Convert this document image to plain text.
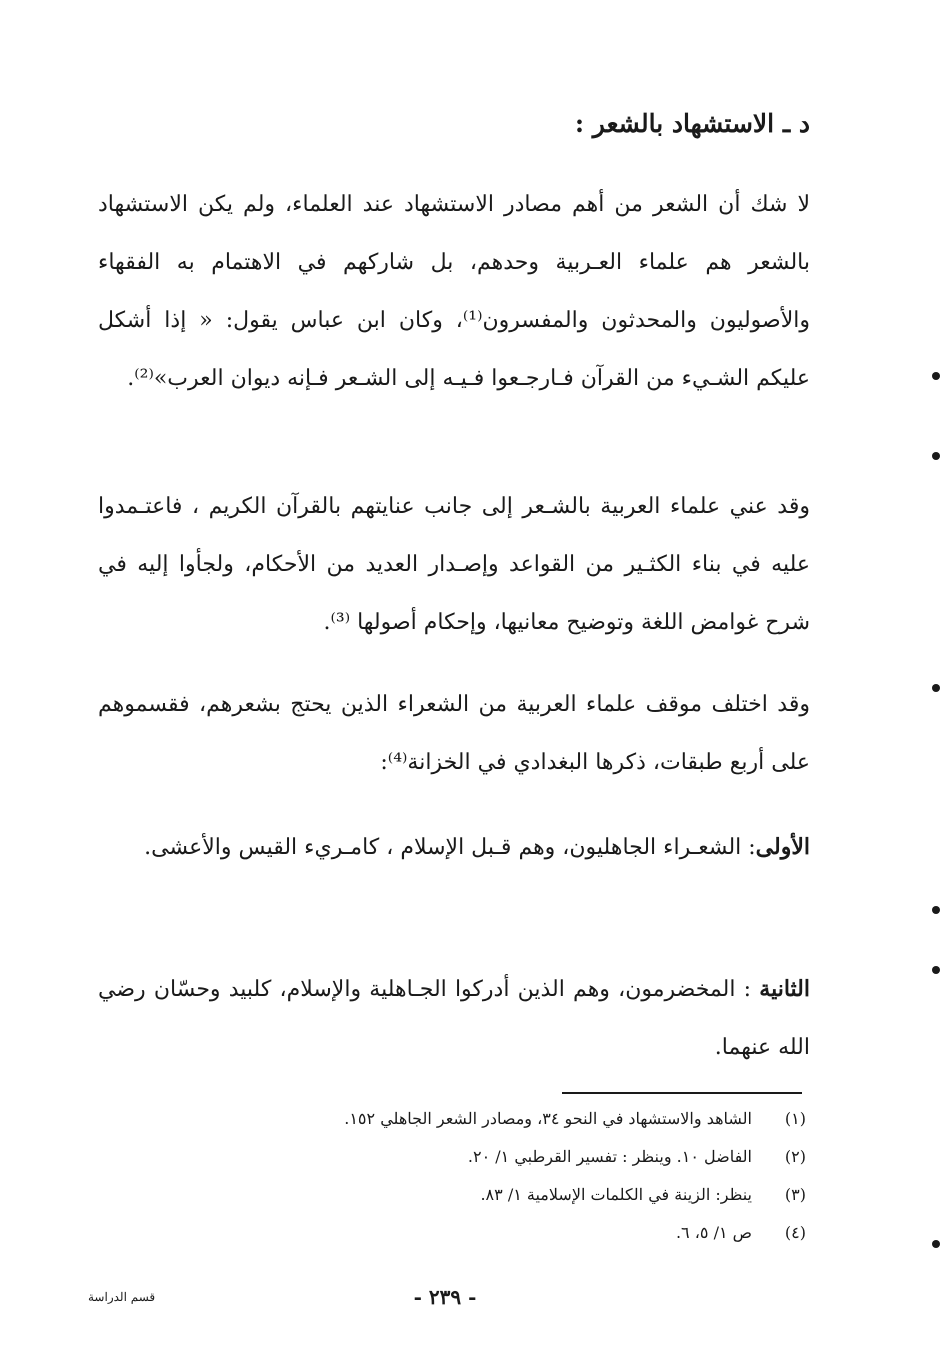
د ـ الاستشهاد بالشعر :
لا شك أن الشعر من أهم مصادر الاستشهاد عند العلماء، ولم يكن الاستشهاد بالشعر هم علماء العـربية وحدهم، بل شاركهم في الاهتمام به الفقهاء والأصوليون والمحدثون والمفسرون⁽¹⁾، وكان ابن عباس يقول: « إذا أشكل عليكم الشـيء من القرآن فـارجـعوا فـيـه إلى الشـعر فـإنه ديوان العرب»⁽²⁾.
وقد عني علماء العربية بالشـعر إلى جانب عنايتهم بالقرآن الكريم ، فاعتـمدوا عليه في بناء الكثـير من القواعد وإصـدار العديد من الأحكام، ولجأوا إليه في شرح غوامض اللغة وتوضيح معانيها، وإحكام أصولها ⁽³⁾.
وقد اختلف موقف علماء العربية من الشعراء الذين يحتج بشعرهم، فقسموهم على أربع طبقات، ذكرها البغدادي في الخزانة⁽⁴⁾:
الأولى: الشعـراء الجاهليون، وهم قـبل الإسلام ، كامـريء القيس والأعشى.
الثانية : المخضرمون، وهم الذين أدركوا الجـاهلية والإسلام، كلبيد وحسّان رضي الله عنهما.
(١)
الشاهد والاستشهاد في النحو ٣٤، ومصادر الشعر الجاهلي ١٥٢.
(٢)
الفاضل ١٠. وينظر : تفسير القرطبي ١/ ٢٠.
(٣)
ينظر: الزينة في الكلمات الإسلامية ١/ ٨٣.
(٤)
ص ١/ ٥، ٦.
- ٢٣٩ -
قسم الدراسة
